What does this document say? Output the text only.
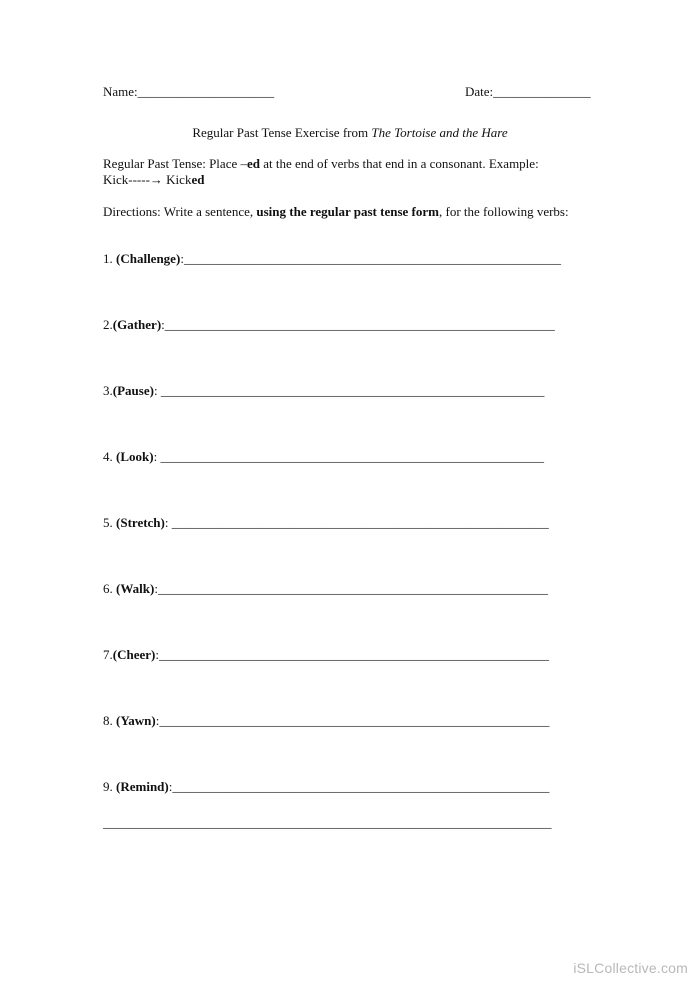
Name:_____________________	Date:_______________
Regular Past Tense Exercise from The Tortoise and the Hare
Regular Past Tense: Place –ed at the end of verbs that end in a consonant. Example:
Kick-----→ Kicked
Directions: Write a sentence, using the regular past tense form, for the following verbs:
1. (Challenge):__________________________________________________________
2.(Gather):____________________________________________________________
3.(Pause): ___________________________________________________________
4. (Look): ___________________________________________________________
5. (Stretch): __________________________________________________________
6. (Walk):____________________________________________________________
7.(Cheer):____________________________________________________________
8. (Yawn):____________________________________________________________
9. (Remind):__________________________________________________________
_____________________________________________________________________
iSLCollective.com
